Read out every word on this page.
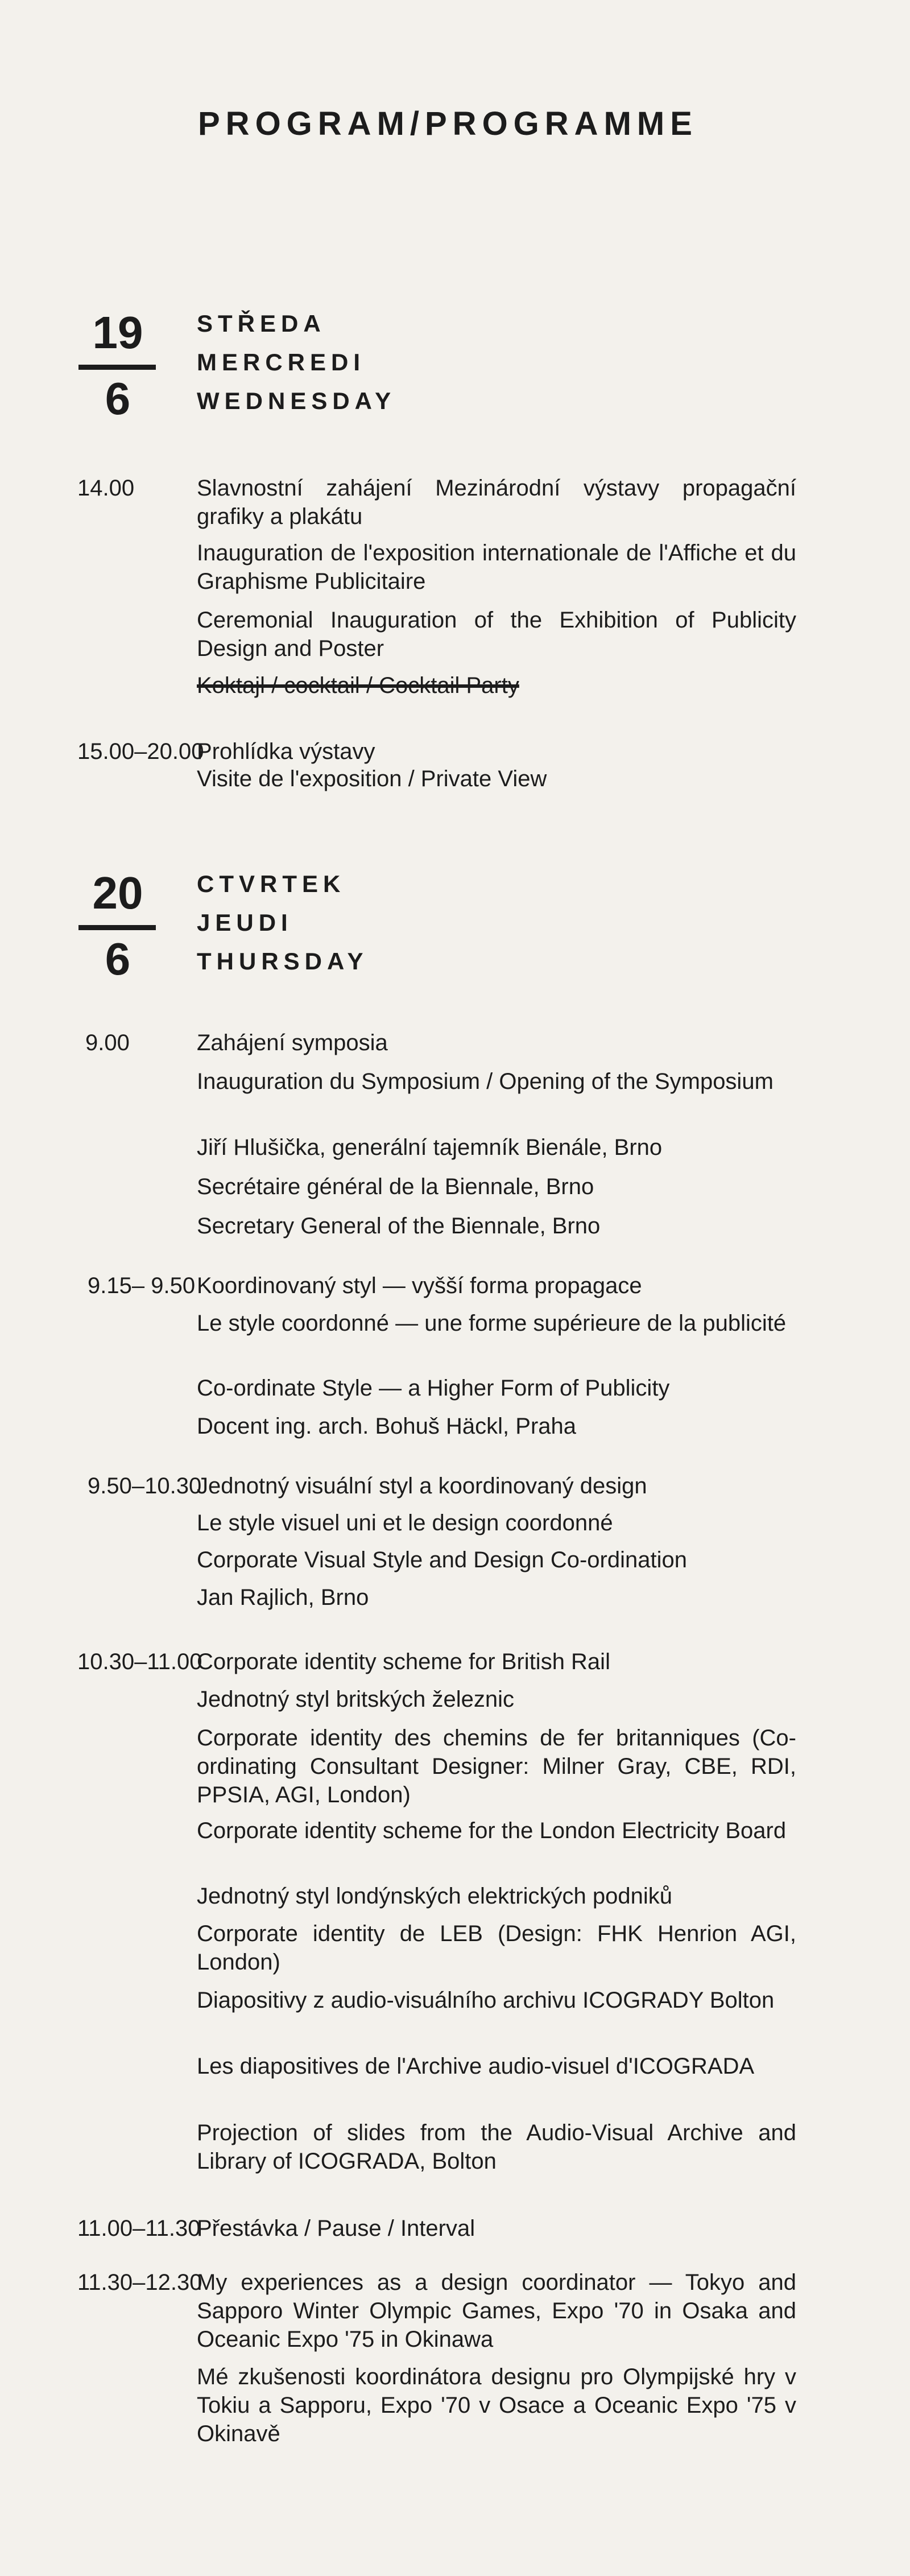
PROGRAM/PROGRAMME
19
6
STŘEDA
MERCREDI
WEDNESDAY
14.00	Slavnostní zahájení Mezinárodní výstavy propagační grafiky a plakátu
Inauguration de l'exposition internationale de l'Affiche et du Graphisme Publicitaire
Ceremonial Inauguration of the Exhibition of Publicity Design and Poster
Koktajl / cocktail / Cocktail Party
15.00–20.00
Prohlídka výstavy
Visite de l'exposition / Private View
20
6
CTVRTEK
JEUDI
THURSDAY
9.00	Zahájení symposia
Inauguration du Symposium / Opening of the Symposium
Jiří Hlušička, generální tajemník Bienále, Brno
Secrétaire général de la Biennale, Brno
Secretary General of the Biennale, Brno
9.15– 9.50 Koordinovaný styl — vyšší forma propagace
Le style coordonné — une forme supérieure de la publicité
Co-ordinate Style — a Higher Form of Publicity
Docent ing. arch. Bohuš Häckl, Praha
9.50–10.30
Jednotný visuální styl a koordinovaný design
Le style visuel uni et le design coordonné
Corporate Visual Style and Design Co-ordination
Jan Rajlich, Brno
10.30–11.00
Corporate identity scheme for British Rail
Jednotný styl britských železnic
Corporate identity des chemins de fer britanniques (Co-ordinating Consultant Designer: Milner Gray, CBE, RDI, PPSIA, AGI, London)
Corporate identity scheme for the London Electricity Board
Jednotný styl londýnských elektrických podniků
Corporate identity de LEB (Design: FHK Henrion AGI, London)
Diapositivy z audio-visuálního archivu ICOGRADY Bolton
Les diapositives de l'Archive audio-visuel d'ICOGRADA
Projection of slides from the Audio-Visual Archive and Library of ICOGRADA, Bolton
11.00–11.30
Přestávka / Pause / Interval
11.30–12.30
My experiences as a design coordinator — Tokyo and Sapporo Winter Olympic Games, Expo '70 in Osaka and Oceanic Expo '75 in Okinawa
Mé zkušenosti koordinátora designu pro Olympijské hry v Tokiu a Sapporu, Expo '70 v Osace a Oceanic Expo '75 v Okinavě
